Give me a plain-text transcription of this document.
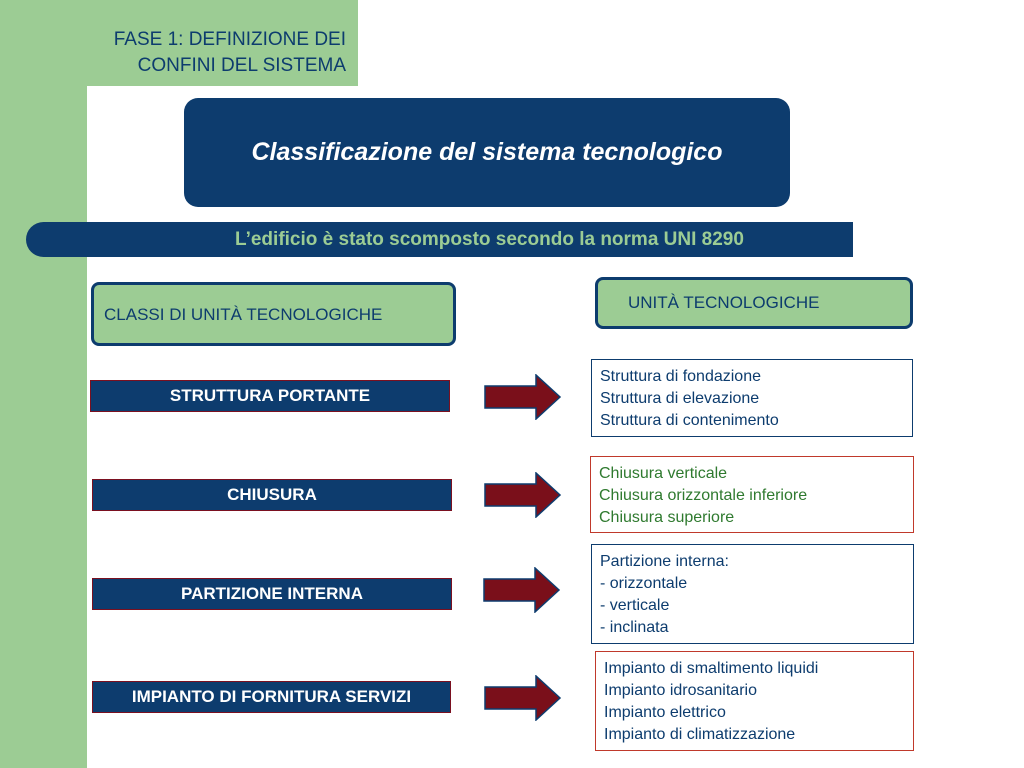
FASE 1: DEFINIZIONE DEI
CONFINI DEL SISTEMA
Classificazione del sistema tecnologico
L’edificio è stato scomposto secondo la norma UNI 8290
CLASSI DI UNITÀ TECNOLOGICHE
UNITÀ TECNOLOGICHE
STRUTTURA PORTANTE
Struttura di fondazione
Struttura di elevazione
Struttura di contenimento
CHIUSURA
Chiusura verticale
Chiusura orizzontale inferiore
Chiusura superiore
PARTIZIONE INTERNA
Partizione interna:
- orizzontale
- verticale
- inclinata
IMPIANTO DI FORNITURA SERVIZI
Impianto di smaltimento liquidi
Impianto idrosanitario
Impianto elettrico
Impianto di climatizzazione
